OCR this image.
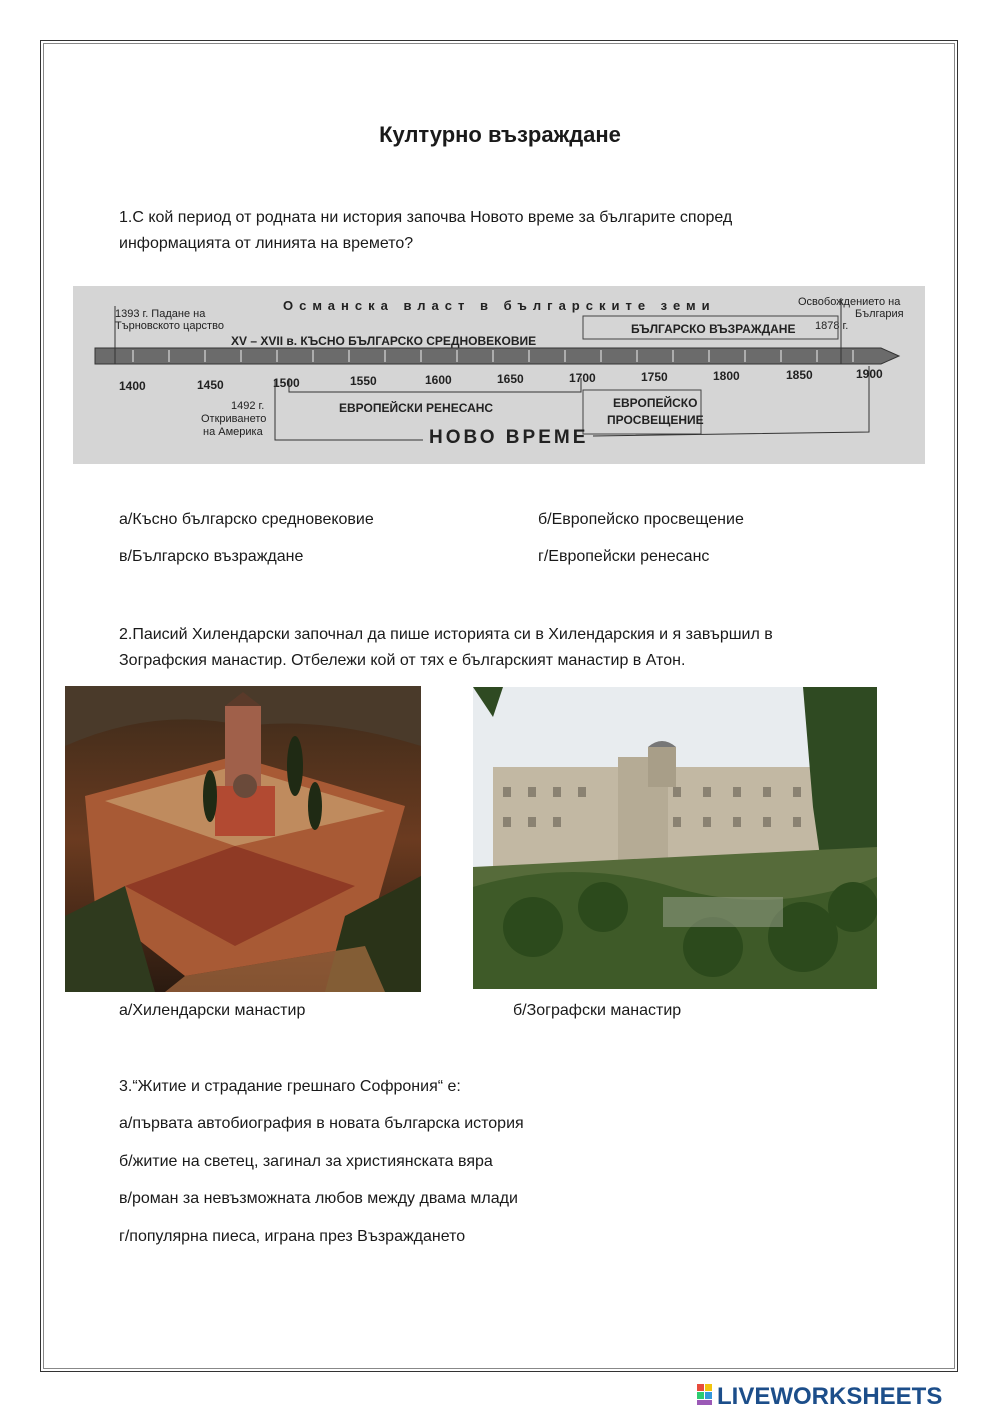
Културно възраждане
1.С кой период от родната ни история започва Новото време за българите според
информацията от линията на времето?
Османска власт в българските земи
1393 г. Падане на
Търновското царство
Освобождението на
България
1878 г.
XV – XVII в. КЪСНО БЪЛГАРСКО СРЕДНОВЕКОВИЕ
БЪЛГАРСКО ВЪЗРАЖДАНЕ
1400	1450	1500	1550	1600	1650	1700	1750	1800	1850	1900
1492 г.
Откриването
на Америка
ЕВРОПЕЙСКИ РЕНЕСАНС	ЕВРОПЕЙСКО
ПРОСВЕЩЕНИЕ
НОВО ВРЕМЕ
а/Късно българско средновековие	б/Европейско просвещение
в/Българско възраждане	г/Европейски ренесанс
2.Паисий Хилендарски започнал да пише историята си в Хилендарския и я завършил в
Зографския манастир. Отбележи кой от тях е българският манастир в Атон.
а/Хилендарски манастир	б/Зографски манастир
3.“Житие и страдание грешнаго Софрония“ е:
а/първата автобиография в новата българска история
б/житие на светец, загинал за християнската вяра
в/роман за невъзможната любов между двама млади
г/популярна пиеса, играна през Възраждането
LIVEWORKSHEETS
